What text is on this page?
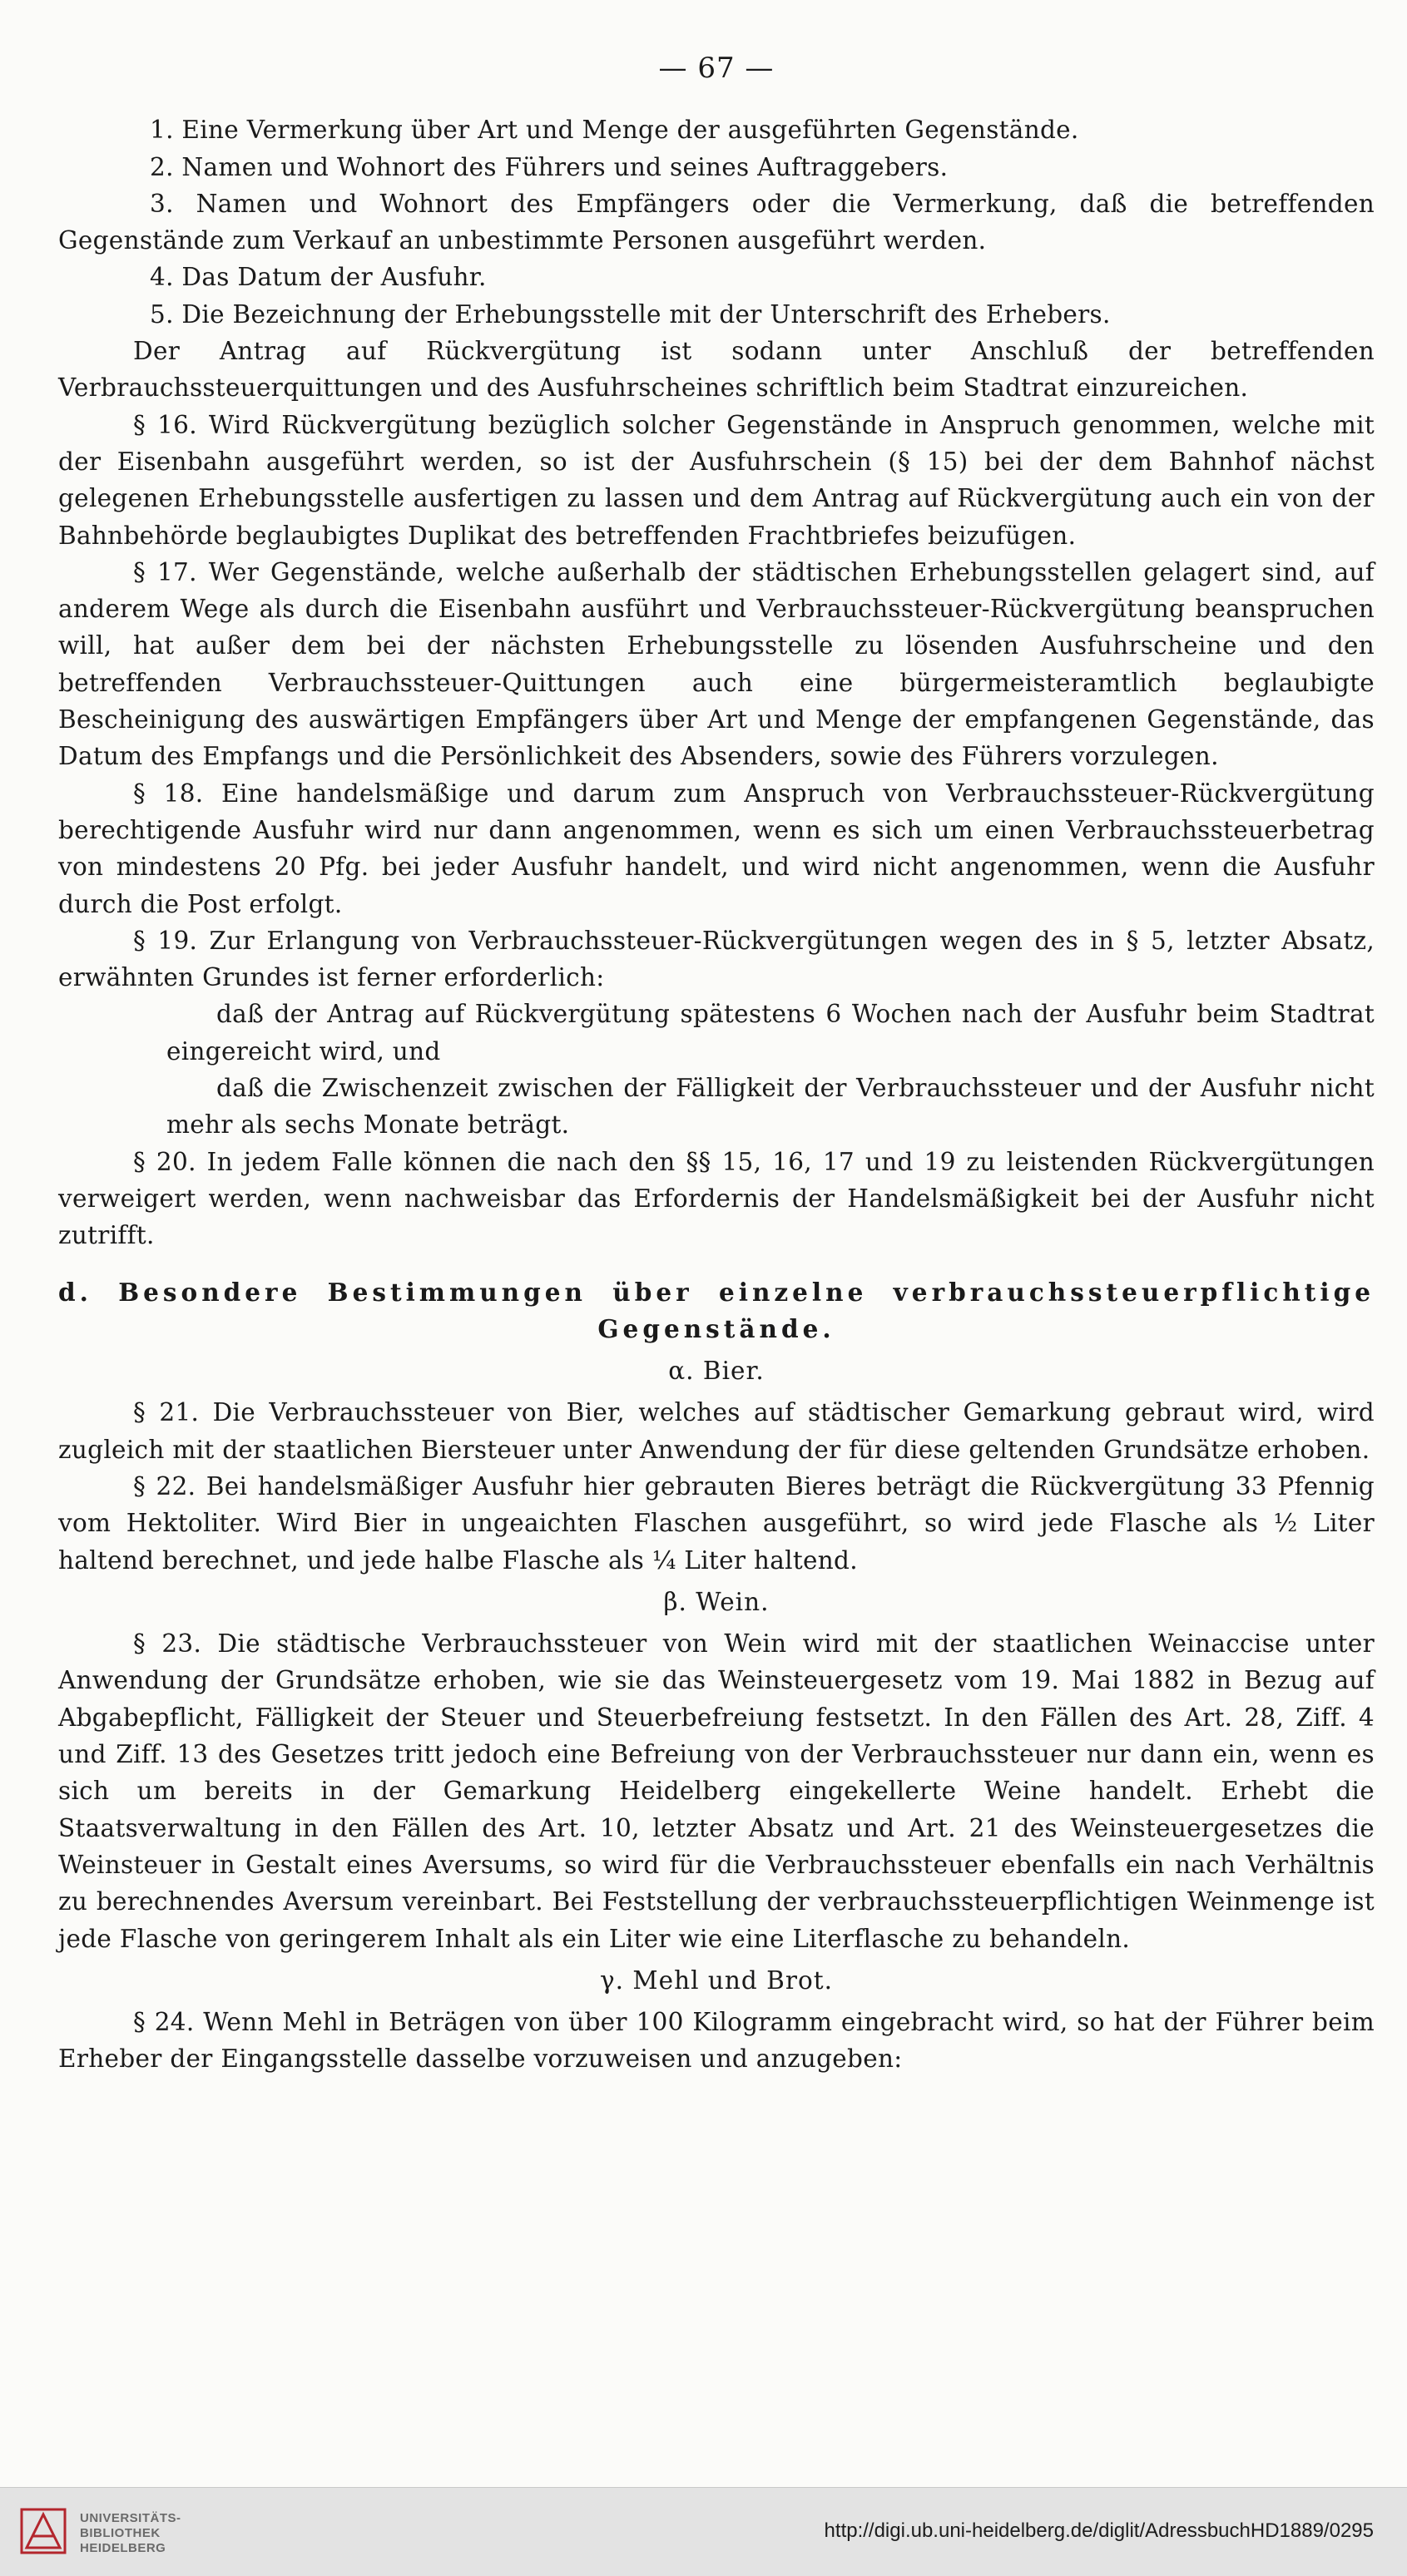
— 67 —

1. Eine Vermerkung über Art und Menge der ausgeführten Gegenstände.

2. Namen und Wohnort des Führers und seines Auftraggebers.

3. Namen und Wohnort des Empfängers oder die Vermerkung, daß die betreffenden Gegenstände zum Verkauf an unbestimmte Personen ausgeführt werden.

4. Das Datum der Ausfuhr.

5. Die Bezeichnung der Erhebungsstelle mit der Unterschrift des Erhebers.

Der Antrag auf Rückvergütung ist sodann unter Anschluß der betreffenden Verbrauchssteuerquittungen und des Ausfuhrscheines schriftlich beim Stadtrat einzureichen.

§ 16. Wird Rückvergütung bezüglich solcher Gegenstände in Anspruch genommen, welche mit der Eisenbahn ausgeführt werden, so ist der Ausfuhrschein (§ 15) bei der dem Bahnhof nächst gelegenen Erhebungsstelle ausfertigen zu lassen und dem Antrag auf Rückvergütung auch ein von der Bahnbehörde beglaubigtes Duplikat des betreffenden Frachtbriefes beizufügen.

§ 17. Wer Gegenstände, welche außerhalb der städtischen Erhebungsstellen gelagert sind, auf anderem Wege als durch die Eisenbahn ausführt und Verbrauchssteuer-Rückvergütung beanspruchen will, hat außer dem bei der nächsten Erhebungsstelle zu lösenden Ausfuhrscheine und den betreffenden Verbrauchssteuer-Quittungen auch eine bürgermeisteramtlich beglaubigte Bescheinigung des auswärtigen Empfängers über Art und Menge der empfangenen Gegenstände, das Datum des Empfangs und die Persönlichkeit des Absenders, sowie des Führers vorzulegen.

§ 18. Eine handelsmäßige und darum zum Anspruch von Verbrauchssteuer-Rückvergütung berechtigende Ausfuhr wird nur dann angenommen, wenn es sich um einen Verbrauchssteuerbetrag von mindestens 20 Pfg. bei jeder Ausfuhr handelt, und wird nicht angenommen, wenn die Ausfuhr durch die Post erfolgt.

§ 19. Zur Erlangung von Verbrauchssteuer-Rückvergütungen wegen des in § 5, letzter Absatz, erwähnten Grundes ist ferner erforderlich:

daß der Antrag auf Rückvergütung spätestens 6 Wochen nach der Ausfuhr beim Stadtrat eingereicht wird, und

daß die Zwischenzeit zwischen der Fälligkeit der Verbrauchssteuer und der Ausfuhr nicht mehr als sechs Monate beträgt.

§ 20. In jedem Falle können die nach den §§ 15, 16, 17 und 19 zu leistenden Rückvergütungen verweigert werden, wenn nachweisbar das Erfordernis der Handelsmäßigkeit bei der Ausfuhr nicht zutrifft.

d. Besondere Bestimmungen über einzelne verbrauchssteuerpflichtige Gegenstände.
α. Bier.

§ 21. Die Verbrauchssteuer von Bier, welches auf städtischer Gemarkung gebraut wird, wird zugleich mit der staatlichen Biersteuer unter Anwendung der für diese geltenden Grundsätze erhoben.

§ 22. Bei handelsmäßiger Ausfuhr hier gebrauten Bieres beträgt die Rückvergütung 33 Pfennig vom Hektoliter. Wird Bier in ungeaichten Flaschen ausgeführt, so wird jede Flasche als ½ Liter haltend berechnet, und jede halbe Flasche als ¼ Liter haltend.

β. Wein.

§ 23. Die städtische Verbrauchssteuer von Wein wird mit der staatlichen Weinaccise unter Anwendung der Grundsätze erhoben, wie sie das Weinsteuergesetz vom 19. Mai 1882 in Bezug auf Abgabepflicht, Fälligkeit der Steuer und Steuerbefreiung festsetzt. In den Fällen des Art. 28, Ziff. 4 und Ziff. 13 des Gesetzes tritt jedoch eine Befreiung von der Verbrauchssteuer nur dann ein, wenn es sich um bereits in der Gemarkung Heidelberg eingekellerte Weine handelt. Erhebt die Staatsverwaltung in den Fällen des Art. 10, letzter Absatz und Art. 21 des Weinsteuergesetzes die Weinsteuer in Gestalt eines Aversums, so wird für die Verbrauchssteuer ebenfalls ein nach Verhältnis zu berechnendes Aversum vereinbart. Bei Feststellung der verbrauchssteuerpflichtigen Weinmenge ist jede Flasche von geringerem Inhalt als ein Liter wie eine Literflasche zu behandeln.

γ. Mehl und Brot.

§ 24. Wenn Mehl in Beträgen von über 100 Kilogramm eingebracht wird, so hat der Führer beim Erheber der Eingangsstelle dasselbe vorzuweisen und anzugeben:

UNIVERSITÄTS-
BIBLIOTHEK
HEIDELBERG
http://digi.ub.uni-heidelberg.de/diglit/AdressbuchHD1889/0295
